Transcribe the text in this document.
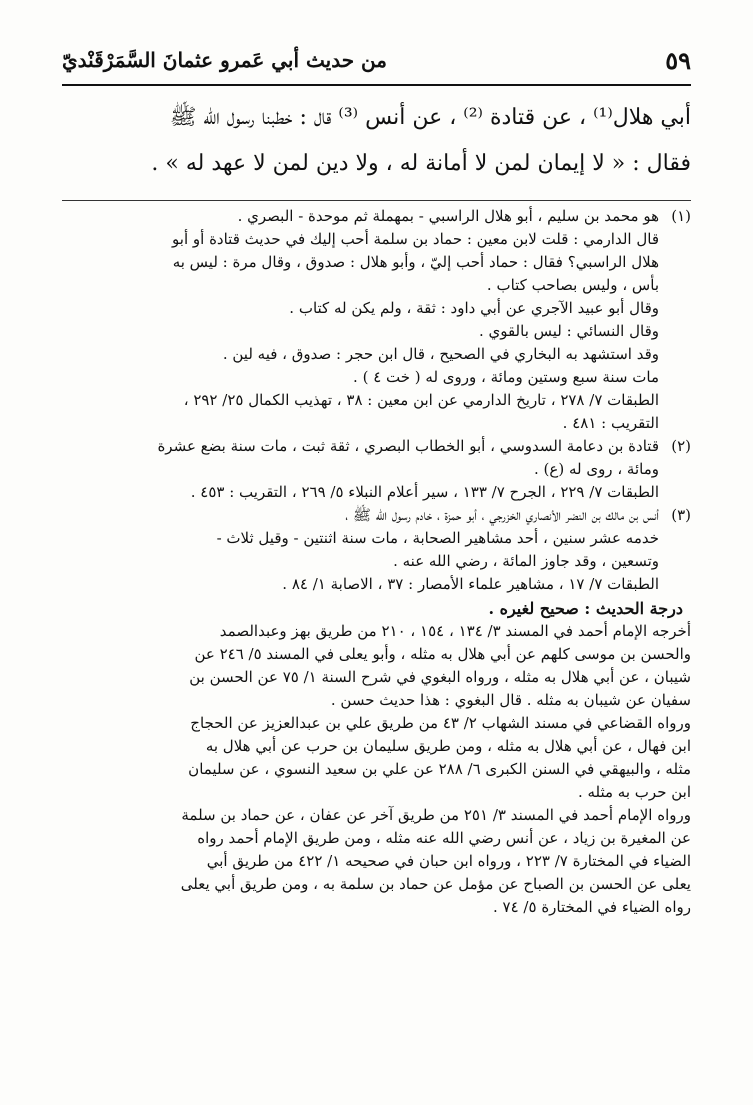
٥٩
من حديث أبي عَمرو عثمانَ السَّمَرْقَنْديّ

أبي هلال⁽¹⁾ ، عن قتادة ⁽²⁾ ، عن أنس ⁽³⁾ قال : خطبنا رسول الله ﷺ

فقال : « لا إيمان لمن لا أمانة له ، ولا دين لمن لا عهد له » .

(١)
هو محمد بن سليم ، أبو هلال الراسبي - بمهملة ثم موحدة - البصري .
قال الدارمي : قلت لابن معين : حماد بن سلمة أحب إليك في حديث قتادة أو أبو
هلال الراسبي؟ فقال : حماد أحب إليّ ، وأبو هلال : صدوق ، وقال مرة : ليس به
بأس ، وليس بصاحب كتاب .
وقال أبو عبيد الآجري عن أبي داود : ثقة ، ولم يكن له كتاب .
وقال النسائي : ليس بالقوي .
وقد استشهد به البخاري في الصحيح ، قال ابن حجر : صدوق ، فيه لين .
مات سنة سبع وستين ومائة ، وروى له ( خت ٤ ) .
الطبقات ٧/ ٢٧٨ ، تاريخ الدارمي عن ابن معين : ٣٨ ، تهذيب الكمال ٢٥/ ٢٩٢ ،
التقريب : ٤٨١ .
(٢)
قتادة بن دعامة السدوسي ، أبو الخطاب البصري ، ثقة ثبت ، مات سنة بضع عشرة
ومائة ، روى له (ع) .
الطبقات ٧/ ٢٢٩ ، الجرح ٧/ ١٣٣ ، سير أعلام النبلاء ٥/ ٢٦٩ ، التقريب : ٤٥٣ .
(٣)
أنس بن مالك بن النضر الأنصاري الخزرجي ، أبو حمزة ، خادم رسول الله ﷺ ،
خدمه عشر سنين ، أحد مشاهير الصحابة ، مات سنة اثنتين - وقيل ثلاث -
وتسعين ، وقد جاوز المائة ، رضي الله عنه .
الطبقات ٧/ ١٧ ، مشاهير علماء الأمصار : ٣٧ ، الاصابة ١/ ٨٤ .
درجة الحديث : صحيح لغيره .
أخرجه الإمام أحمد في المسند ٣/ ١٣٤ ، ١٥٤ ، ٢١٠ من طريق بهز وعبدالصمد
والحسن بن موسى كلهم عن أبي هلال به مثله ، وأبو يعلى في المسند ٥/ ٢٤٦ عن
شيبان ، عن أبي هلال به مثله ، ورواه البغوي في شرح السنة ١/ ٧٥ عن الحسن بن
سفيان عن شيبان به مثله . قال البغوي : هذا حديث حسن .
ورواه القضاعي في مسند الشهاب ٢/ ٤٣ من طريق علي بن عبدالعزيز عن الحجاج
ابن فهال ، عن أبي هلال به مثله ، ومن طريق سليمان بن حرب عن أبي هلال به
مثله ، والبيهقي في السنن الكبرى ٦/ ٢٨٨ عن علي بن سعيد النسوي ، عن سليمان
ابن حرب به مثله .
ورواه الإمام أحمد في المسند ٣/ ٢٥١ من طريق آخر عن عفان ، عن حماد بن سلمة
عن المغيرة بن زياد ، عن أنس رضي الله عنه مثله ، ومن طريق الإمام أحمد رواه
الضياء في المختارة ٧/ ٢٢٣ ، ورواه ابن حبان في صحيحه ١/ ٤٢٢ من طريق أبي
يعلى عن الحسن بن الصباح عن مؤمل عن حماد بن سلمة به ، ومن طريق أبي يعلى
رواه الضياء في المختارة ٥/ ٧٤ .
